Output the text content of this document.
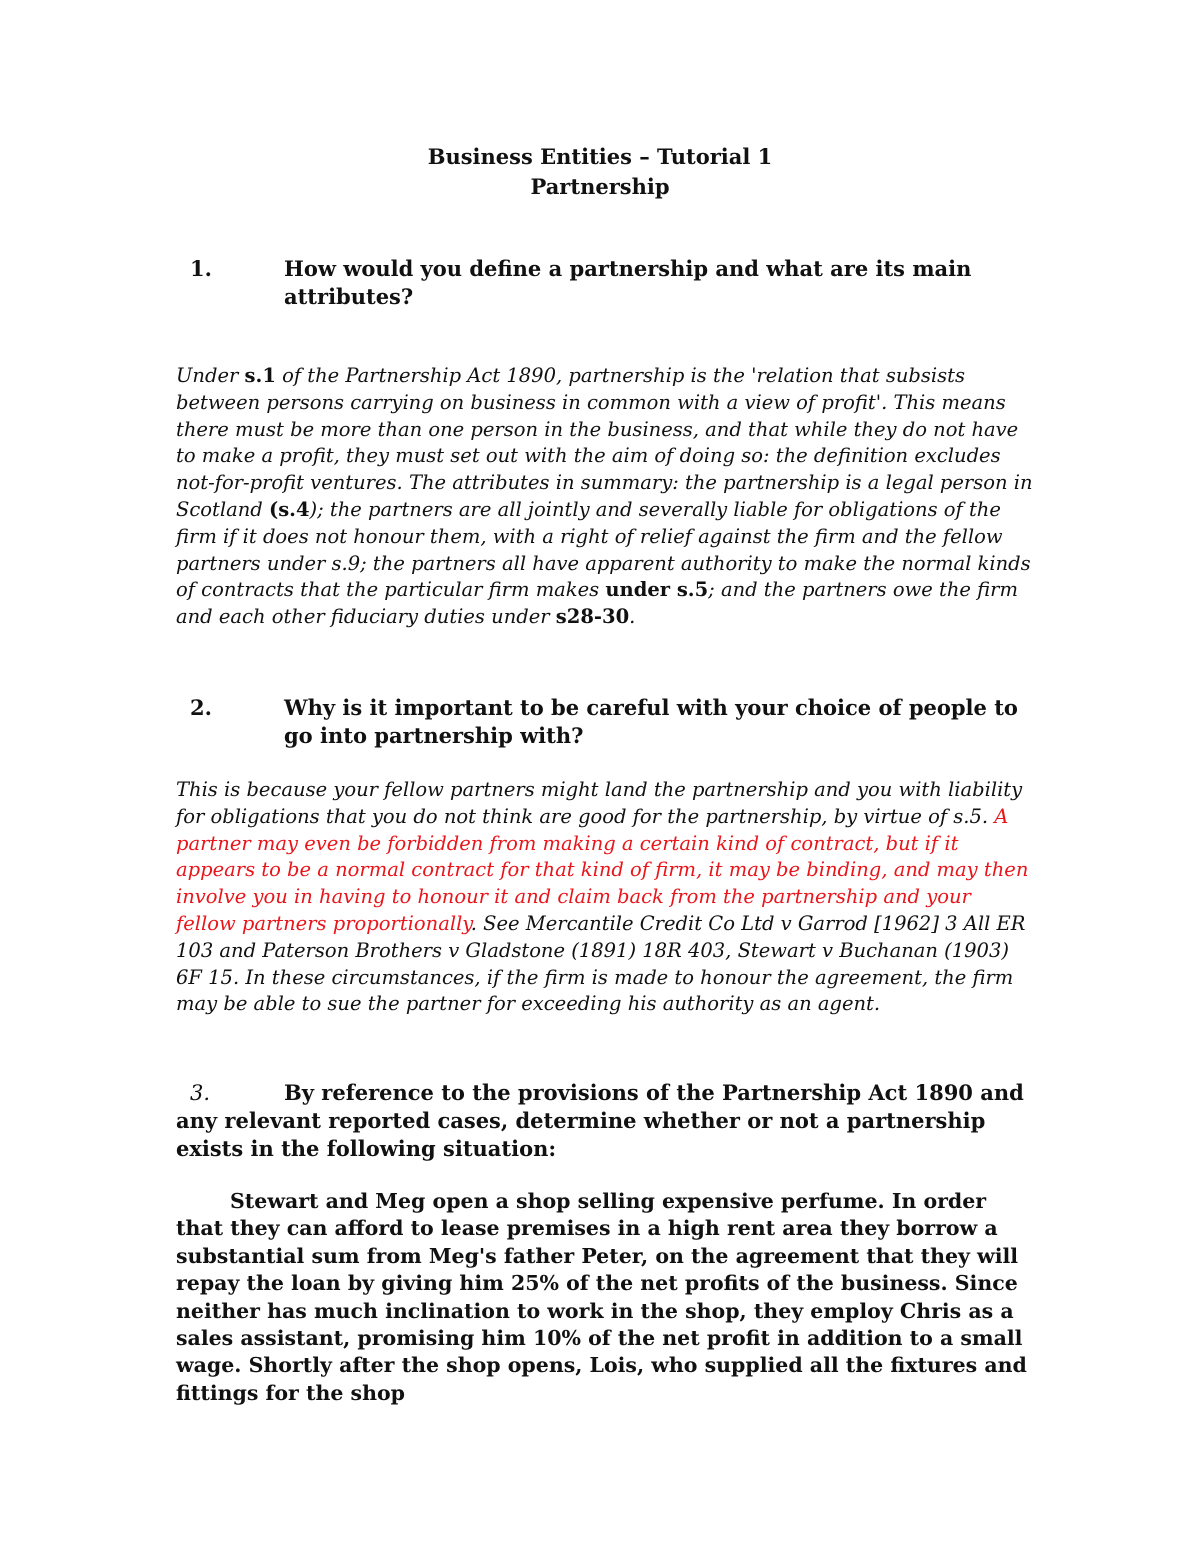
Business Entities – Tutorial 1
Partnership
1.	How would you define a partnership and what are its main attributes?
Under s.1 of the Partnership Act 1890, partnership is the 'relation that subsists between persons carrying on business in common with a view of profit'. This means there must be more than one person in the business, and that while they do not have to make a profit, they must set out with the aim of doing so: the definition excludes not-for-profit ventures. The attributes in summary: the partnership is a legal person in Scotland (s.4); the partners are all jointly and severally liable for obligations of the firm if it does not honour them, with a right of relief against the firm and the fellow partners under s.9; the partners all have apparent authority to make the normal kinds of contracts that the particular firm makes under s.5; and the partners owe the firm and each other fiduciary duties under s28-30.
2.	Why is it important to be careful with your choice of people to go into partnership with?
This is because your fellow partners might land the partnership and you with liability for obligations that you do not think are good for the partnership, by virtue of s.5. A partner may even be forbidden from making a certain kind of contract, but if it appears to be a normal contract for that kind of firm, it may be binding, and may then involve you in having to honour it and claim back from the partnership and your fellow partners proportionally. See Mercantile Credit Co Ltd v Garrod [1962] 3 All ER 103 and Paterson Brothers v Gladstone (1891) 18R 403, Stewart v Buchanan (1903) 6F 15. In these circumstances, if the firm is made to honour the agreement, the firm may be able to sue the partner for exceeding his authority as an agent.
3.	By reference to the provisions of the Partnership Act 1890 and any relevant reported cases, determine whether or not a partnership exists in the following situation:
Stewart and Meg open a shop selling expensive perfume. In order that they can afford to lease premises in a high rent area they borrow a substantial sum from Meg's father Peter, on the agreement that they will repay the loan by giving him 25% of the net profits of the business. Since neither has much inclination to work in the shop, they employ Chris as a sales assistant, promising him 10% of the net profit in addition to a small wage. Shortly after the shop opens, Lois, who supplied all the fixtures and fittings for the shop
